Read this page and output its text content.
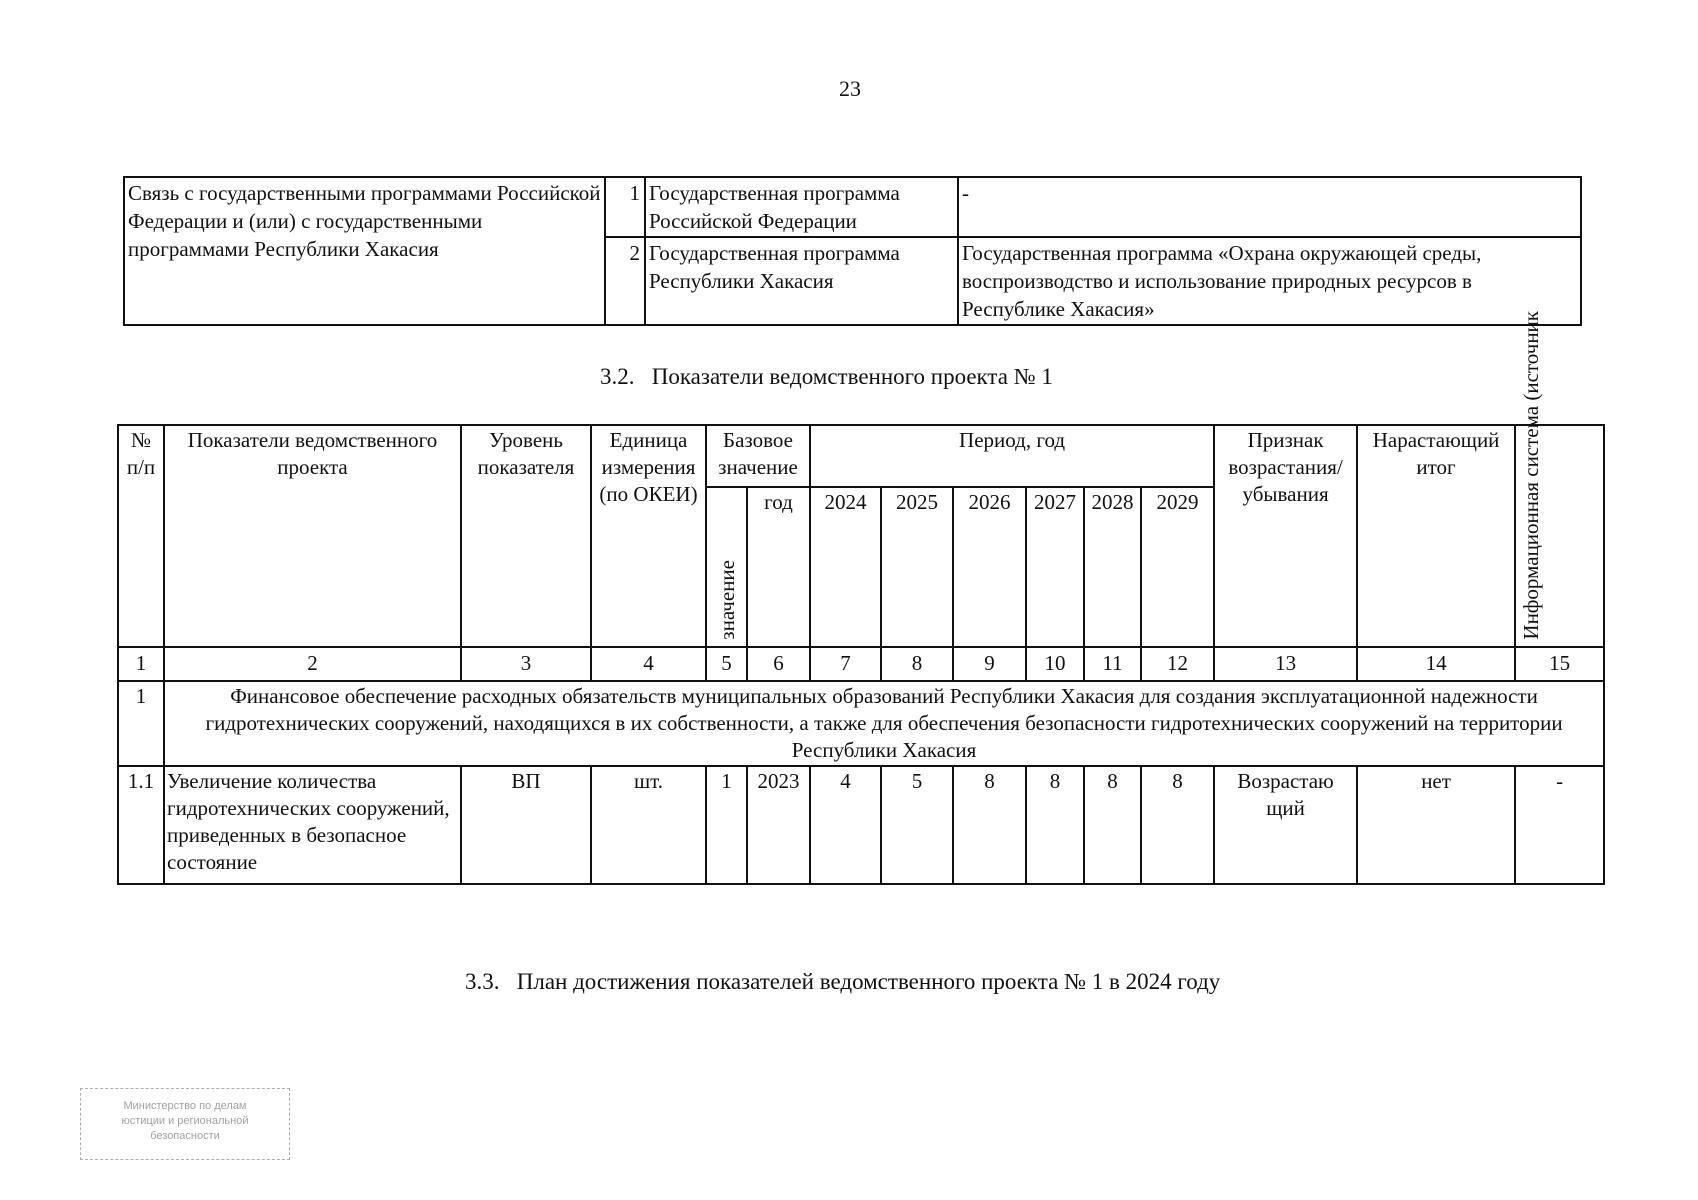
23
Связь с государственными программами Российской Федерации и (или) с государственными программами Республики Хакасия	1	Государственная программа Российской Федерации	-
	2	Государственная программа Республики Хакасия	Государственная программа «Охрана окружающей среды, воспроизводство и использование природных ресурсов в Республике Хакасия»
3.2. Показатели ведомственного проекта № 1
№ п/п	Показатели ведомственного проекта	Уровень показателя	Единица измерения (по ОКЕИ)	Базовое значение		Период, год						Признак возрастания/ убывания	Нарастающий итог	Информационная система (источник

				значение	год	2024	2025	2026	2027	2028	2029			
1	2	3	4	5	6	7	8	9	10	11	12	13	14	15
1	Финансовое обеспечение расходных обязательств муниципальных образований Республики Хакасия для создания эксплуатационной надежности гидротехнических сооружений, находящихся в их собственности, а также для обеспечения безопасности гидротехнических сооружений на территории Республики Хакасия													
1.1	Увеличение количества гидротехнических сооружений, приведенных в безопасное состояние	ВП	шт.	1	2023	4	5	8	8	8	8	Возрастаю щий	нет	-
3.3. План достижения показателей ведомственного проекта № 1 в 2024 году
Министерство по делам
юстиции и региональной
безопасности
